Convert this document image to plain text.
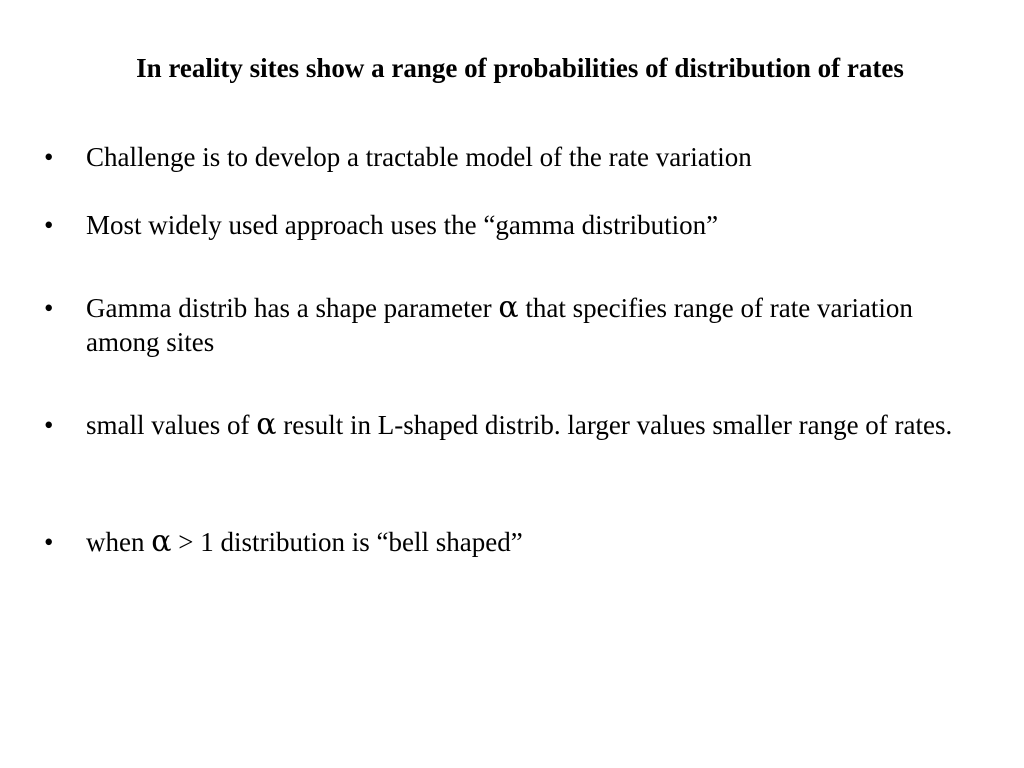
In reality sites show a range of probabilities of distribution of rates
•	Challenge is to develop a tractable model of the rate variation
•	Most widely used approach uses the “gamma distribution”
•	Gamma distrib has a shape parameter α that specifies range of rate variation among sites
•	small values of α result in L-shaped distrib. larger values smaller range of rates.
•	when α > 1 distribution is “bell shaped”
